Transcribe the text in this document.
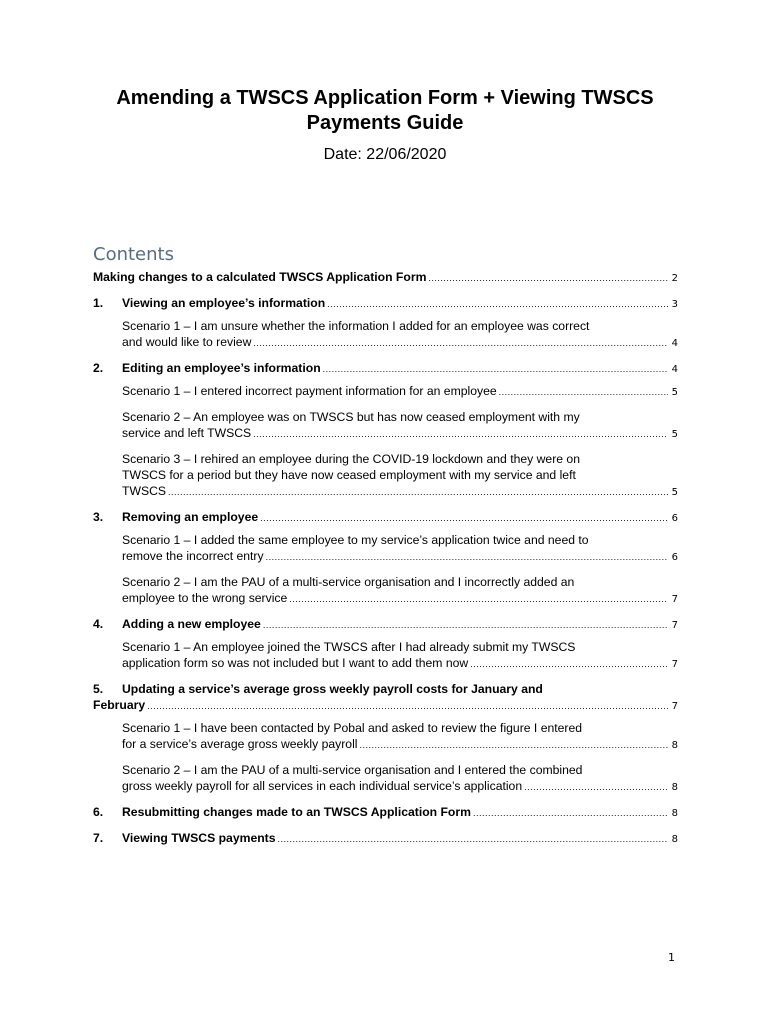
Amending a TWSCS Application Form + Viewing TWSCS
Payments Guide
Date: 22/06/2020
Contents
Making changes to a calculated TWSCS Application Form .....	2
1.	Viewing an employee’s information .....	3
Scenario 1 – I am unsure whether the information I added for an employee was correct
and would like to review .....	4
2.	Editing an employee’s information .....	4
Scenario 1 – I entered incorrect payment information for an employee .....	5
Scenario 2 – An employee was on TWSCS but has now ceased employment with my
service and left TWSCS .....	5
Scenario 3 – I rehired an employee during the COVID-19 lockdown and they were on
TWSCS for a period but they have now ceased employment with my service and left
TWSCS .....	5
3.	Removing an employee .....	6
Scenario 1 – I added the same employee to my service’s application twice and need to
remove the incorrect entry .....	6
Scenario 2 – I am the PAU of a multi-service organisation and I incorrectly added an
employee to the wrong service .....	7
4.	Adding a new employee .....	7
Scenario 1 – An employee joined the TWSCS after I had already submit my TWSCS
application form so was not included but I want to add them now .....	7
5. Updating a service’s average gross weekly payroll costs for January and
February .....	7
Scenario 1 – I have been contacted by Pobal and asked to review the figure I entered
for a service’s average gross weekly payroll .....	8
Scenario 2 – I am the PAU of a multi-service organisation and I entered the combined
gross weekly payroll for all services in each individual service’s application .....	8
6.	Resubmitting changes made to an TWSCS Application Form .....	8
7.	Viewing TWSCS payments .....	8
1
